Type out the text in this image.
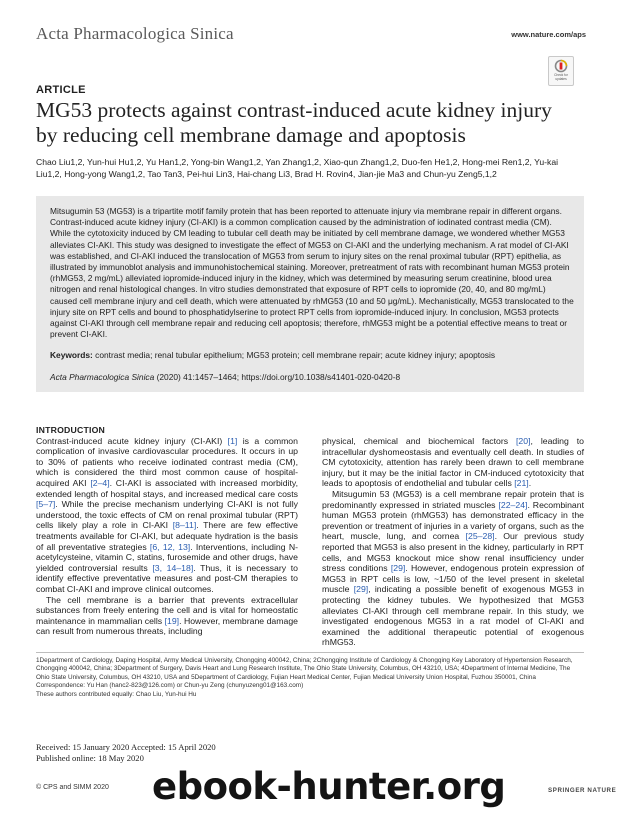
Acta Pharmacologica Sinica	www.nature.com/aps
Check for updates
ARTICLE
MG53 protects against contrast-induced acute kidney injury by reducing cell membrane damage and apoptosis
Chao Liu1,2, Yun-hui Hu1,2, Yu Han1,2, Yong-bin Wang1,2, Yan Zhang1,2, Xiao-qun Zhang1,2, Duo-fen He1,2, Hong-mei Ren1,2, Yu-kai Liu1,2, Hong-yong Wang1,2, Tao Tan3, Pei-hui Lin3, Hai-chang Li3, Brad H. Rovin4, Jian-jie Ma3 and Chun-yu Zeng5,1,2

Mitsugumin 53 (MG53) is a tripartite motif family protein that has been reported to attenuate injury via membrane repair in different organs. Contrast-induced acute kidney injury (CI-AKI) is a common complication caused by the administration of iodinated contrast media (CM). While the cytotoxicity induced by CM leading to tubular cell death may be initiated by cell membrane damage, we wondered whether MG53 alleviates CI-AKI. This study was designed to investigate the effect of MG53 on CI-AKI and the underlying mechanism. A rat model of CI-AKI was established, and CI-AKI induced the translocation of MG53 from serum to injury sites on the renal proximal tubular (RPT) epithelia, as illustrated by immunoblot analysis and immunohistochemical staining. Moreover, pretreatment of rats with recombinant human MG53 protein (rhMG53, 2 mg/mL) alleviated iopromide-induced injury in the kidney, which was determined by measuring serum creatinine, blood urea nitrogen and renal histological changes. In vitro studies demonstrated that exposure of RPT cells to iopromide (20, 40, and 80 mg/mL) caused cell membrane injury and cell death, which were attenuated by rhMG53 (10 and 50 μg/mL). Mechanistically, MG53 translocated to the injury site on RPT cells and bound to phosphatidylserine to protect RPT cells from iopromide-induced injury. In conclusion, MG53 protects against CI-AKI through cell membrane repair and reducing cell apoptosis; therefore, rhMG53 might be a potential effective means to treat or prevent CI-AKI.

Keywords: contrast media; renal tubular epithelium; MG53 protein; cell membrane repair; acute kidney injury; apoptosis

Acta Pharmacologica Sinica (2020) 41:1457–1464; https://doi.org/10.1038/s41401-020-0420-8

INTRODUCTION

Contrast-induced acute kidney injury (CI-AKI) [1] is a common complication of invasive cardiovascular procedures. It occurs in up to 30% of patients who receive iodinated contrast media (CM), which is considered the third most common cause of hospital-acquired AKI [2–4]. CI-AKI is associated with increased morbidity, extended length of hospital stays, and increased medical care costs [5–7]. While the precise mechanism underlying CI-AKI is not fully understood, the toxic effects of CM on renal proximal tubular (RPT) cells likely play a role in CI-AKI [8–11]. There are few effective treatments available for CI-AKI, but adequate hydration is the basis of all preventative strategies [6, 12, 13]. Interventions, including N-acetylcysteine, vitamin C, statins, furosemide and other drugs, have yielded controversial results [3, 14–18]. Thus, it is necessary to identify effective preventative measures and post-CM therapies to combat CI-AKI and improve clinical outcomes.

The cell membrane is a barrier that prevents extracellular substances from freely entering the cell and is vital for homeostatic maintenance in mammalian cells [19]. However, membrane damage can result from numerous threats, including

physical, chemical and biochemical factors [20], leading to intracellular dyshomeostasis and eventually cell death. In studies of CM cytotoxicity, attention has rarely been drawn to cell membrane injury, but it may be the initial factor in CM-induced cytotoxicity that leads to apoptosis of endothelial and tubular cells [21].

Mitsugumin 53 (MG53) is a cell membrane repair protein that is predominantly expressed in striated muscles [22–24]. Recombinant human MG53 protein (rhMG53) has demonstrated efficacy in the prevention or treatment of injuries in a variety of organs, such as the heart, muscle, lung, and cornea [25–28]. Our previous study reported that MG53 is also present in the kidney, particularly in RPT cells, and MG53 knockout mice show renal insufficiency under stress conditions [29]. However, endogenous protein expression of MG53 in RPT cells is low, ~1/50 of the level present in skeletal muscle [29], indicating a possible benefit of exogenous MG53 in protecting the kidney tubules. We hypothesized that MG53 alleviates CI-AKI through cell membrane repair. In this study, we investigated endogenous MG53 in a rat model of CI-AKI and examined the additional therapeutic potential of exogenous rhMG53.

1Department of Cardiology, Daping Hospital, Army Medical University, Chongqing 400042, China; 2Chongqing Institute of Cardiology & Chongqing Key Laboratory of Hypertension Research, Chongqing 400042, China; 3Department of Surgery, Davis Heart and Lung Research Institute, The Ohio State University, Columbus, OH 43210, USA; 4Department of Internal Medicine, The Ohio State University, Columbus, OH 43210, USA and 5Department of Cardiology, Fujian Heart Medical Center, Fujian Medical University Union Hospital, Fuzhou 350001, China

Correspondence: Yu Han (hanc2-823@126.com) or Chun-yu Zeng (chunyuzeng01@163.com)

These authors contributed equally: Chao Liu, Yun-hui Hu

Received: 15 January 2020 Accepted: 15 April 2020

Published online: 18 May 2020

© CPS and SIMM 2020 ebook-hunter.org	SPRINGER NATURE
